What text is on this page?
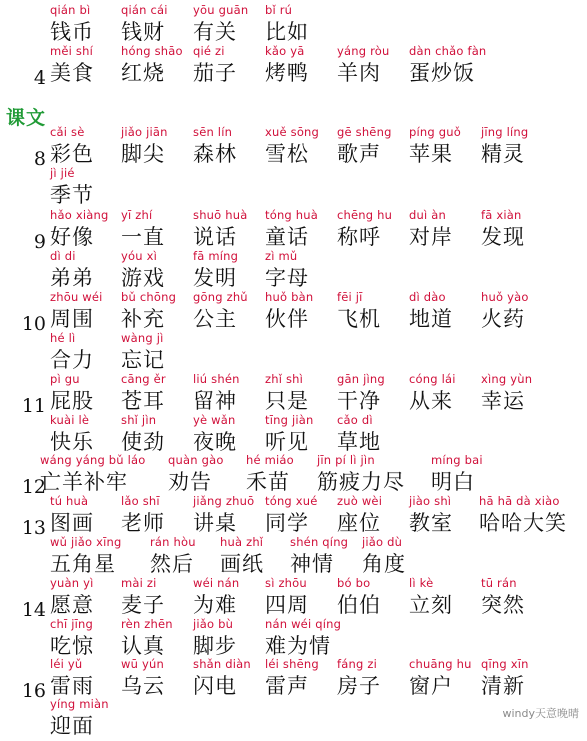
课文
qián bì
钱币
qián cái
钱财
yōu guān
有关
bǐ rú
比如
4
měi shí
美食
hóng shāo
红烧
qié zi
茄子
kǎo yā
烤鸭
yáng ròu
羊肉
dàn chǎo fàn
蛋炒饭
8
cǎi sè
彩色
jiǎo jiān
脚尖
sēn lín
森林
xuě sōng
雪松
gē shēng
歌声
píng guǒ
苹果
jīng líng
精灵
jì jié
季节
9
hǎo xiàng
好像
yī zhí
一直
shuō huà
说话
tóng huà
童话
chēng hu
称呼
duì àn
对岸
fā xiàn
发现
dì di
弟弟
yóu xì
游戏
fā míng
发明
zì mǔ
字母
10
zhōu wéi
周围
bǔ chōng
补充
gōng zhǔ
公主
huǒ bàn
伙伴
fēi jī
飞机
dì dào
地道
huǒ yào
火药
hé lì
合力
wàng jì
忘记
11
pì gu
屁股
cāng ěr
苍耳
liú shén
留神
zhǐ shì
只是
gān jìng
干净
cóng lái
从来
xìng yùn
幸运
kuài lè
快乐
shǐ jìn
使劲
yè wǎn
夜晚
tīng jiàn
听见
cǎo dì
草地
12
wáng yáng bǔ láo
亡羊补牢
quàn gào
劝告
hé miáo
禾苗
jīn pí lì jìn
筋疲力尽
míng bai
明白
13
tú huà
图画
lǎo shī
老师
jiǎng zhuō
讲桌
tóng xué
同学
zuò wèi
座位
jiào shì
教室
hā hā dà xiào
哈哈大笑
wǔ jiǎo xīng
五角星
rán hòu
然后
huà zhǐ
画纸
shén qíng
神情
jiǎo dù
角度
14
yuàn yì
愿意
mài zi
麦子
wéi nán
为难
sì zhōu
四周
bó bo
伯伯
lì kè
立刻
tū rán
突然
chī jīng
吃惊
rèn zhēn
认真
jiǎo bù
脚步
nán wéi qíng
难为情
16
léi yǔ
雷雨
wū yún
乌云
shǎn diàn
闪电
léi shēng
雷声
fáng zi
房子
chuāng hu
窗户
qīng xīn
清新
yíng miàn
迎面
windy天意晚晴
